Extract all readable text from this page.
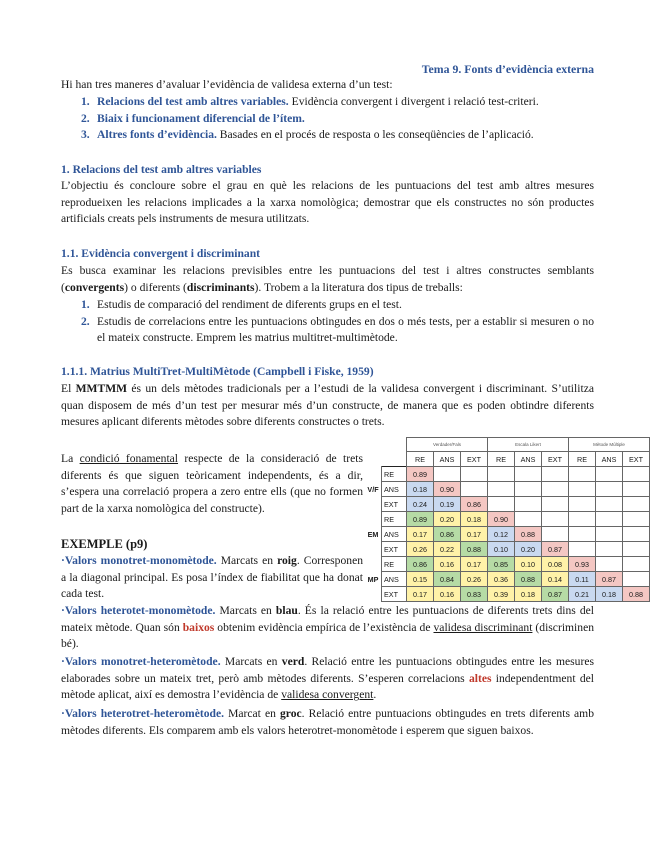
Tema 9. Fonts d’evidència externa

Hi han tres maneres d’avaluar l’evidència de validesa externa d’un test:

1. Relacions del test amb altres variables. Evidència convergent i divergent i relació test-criteri.
2. Biaix i funcionament diferencial de l’ítem.
3. Altres fonts d’evidència. Basades en el procés de resposta o les conseqüències de l’aplicació.
1. Relacions del test amb altres variables

L’objectiu és concloure sobre el grau en què les relacions de les puntuacions del test amb altres mesures reprodueixen les relacions implicades a la xarxa nomològica; demostrar que els constructes no són productes artificials creats pels instruments de mesura utilitzats.

1.1. Evidència convergent i discriminant

Es busca examinar les relacions previsibles entre les puntuacions del test i altres constructes semblants (convergents) o diferents (discriminants). Trobem a la literatura dos tipus de treballs:

1. Estudis de comparació del rendiment de diferents grups en el test.
2. Estudis de correlacions entre les puntuacions obtingudes en dos o més tests, per a establir si mesuren o no el mateix constructe. Emprem les matrius multitret-multimètode.
1.1.1. Matrius MultiTret-MultiMètode (Campbell i Fiske, 1959)

El MMTMM és un dels mètodes tradicionals per a l’estudi de la validesa convergent i discriminant. S’utilitza quan disposem de més d’un test per mesurar més d’un constructe, de manera que es poden obtindre diferents mesures aplicant diferents mètodes sobre diferents constructes o trets.

La condició fonamental respecte de la consideració de trets diferents és que siguen teòricament independents, és a dir, s’espera una correlació propera a zero entre ells (que no formen part de la xarxa nomològica del constructe).

EXEMPLE (p9)

·Valors monotret-monomètode. Marcats en roig. Corresponen a la diagonal principal. Es posa l’índex de fiabilitat que ha donat cada test.

·Valors heterotet-monomètode. Marcats en blau. És la relació entre les puntuacions de diferents trets dins del mateix mètode. Quan són baixos obtenim evidència empírica de l’existència de validesa discriminant (discriminen bé).

·Valors monotret-heteromètode. Marcats en verd. Relació entre les puntuacions obtingudes entre les mesures elaborades sobre un mateix tret, però amb mètodes diferents. S’esperen correlacions altes independentment del mètode aplicat, així es demostra l’evidència de validesa convergent.

·Valors heterotret-heteromètode. Marcat en groc. Relació entre puntuacions obtingudes en trets diferents amb mètodes diferents. Els comparem amb els valors heterotret-monomètode i esperem que siguen baixos.

		Verdader/Fals			Escala Likert			Mètode Múltiple		
		RE	ANS	EXT	RE	ANS	EXT	RE	ANS	EXT
V/F	RE	0.89								
	ANS	0.18	0.90							
	EXT	0.24	0.19	0.86						
EM	RE	0.89	0.20	0.18	0.90					
	ANS	0.17	0.86	0.17	0.12	0.88				
	EXT	0.26	0.22	0.88	0.10	0.20	0.87			
MP	RE	0.86	0.16	0.17	0.85	0.10	0.08	0.93		
	ANS	0.15	0.84	0.26	0.36	0.88	0.14	0.11	0.87	
	EXT	0.17	0.16	0.83	0.39	0.18	0.87	0.21	0.18	0.88
